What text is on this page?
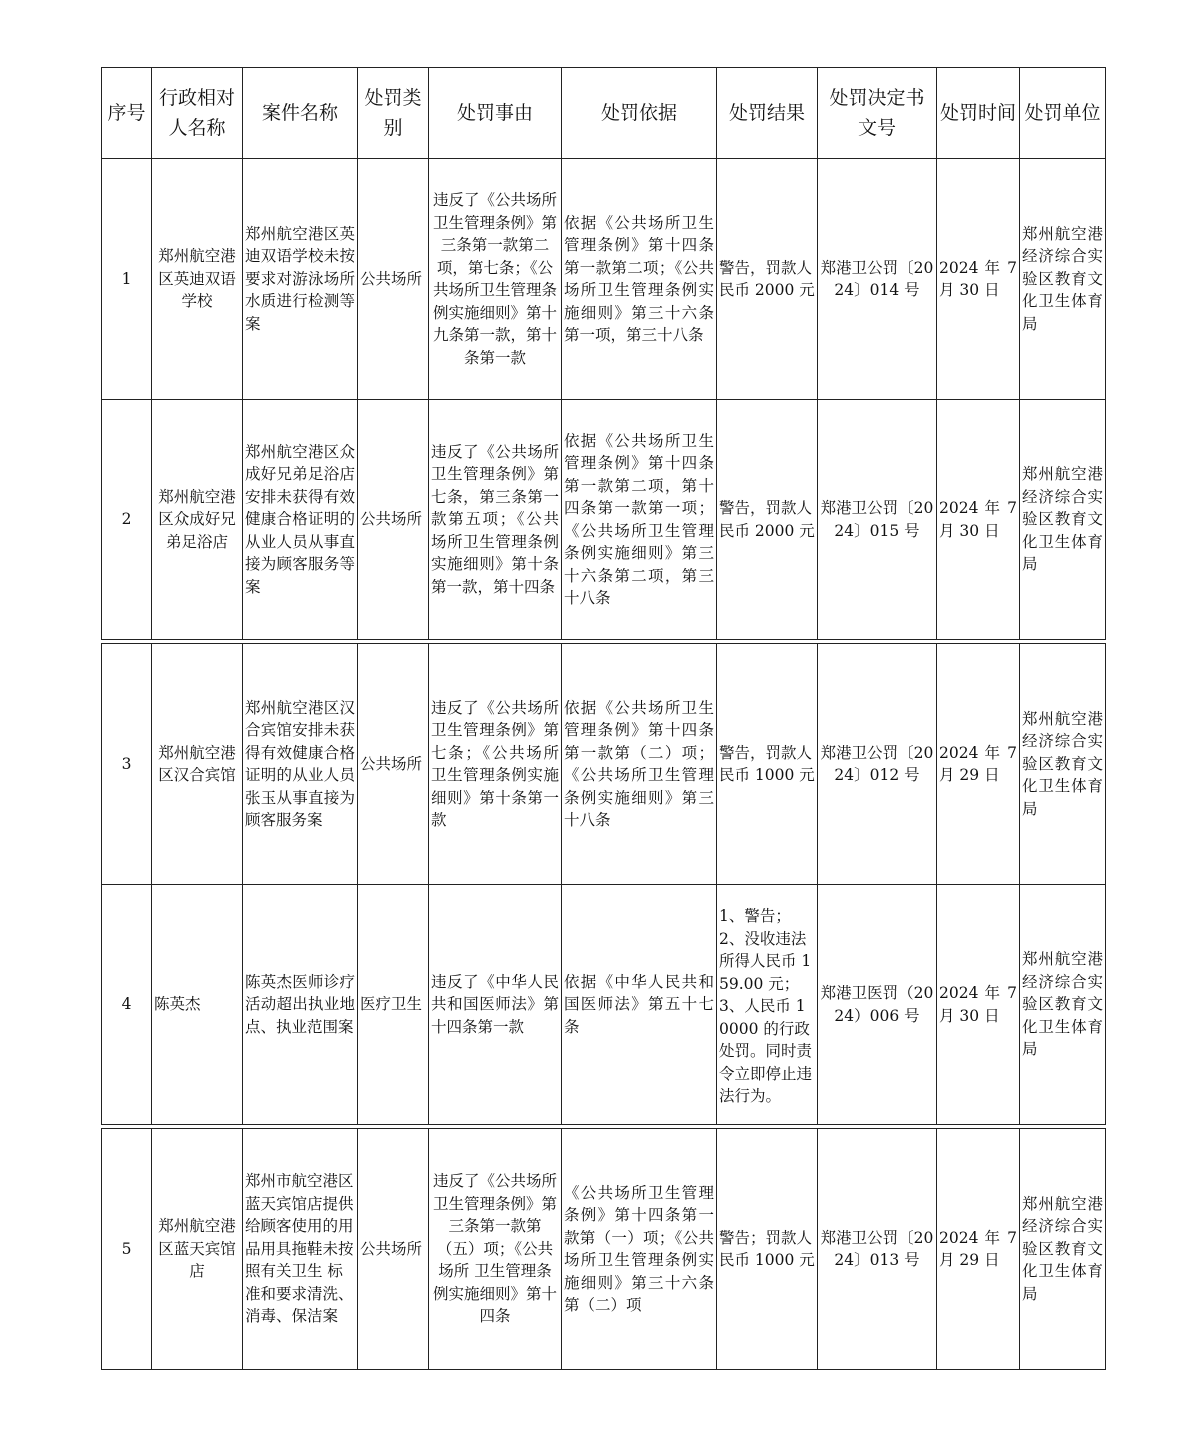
序号	行政相对人名称	案件名称	处罚类别	处罚事由	处罚依据	处罚结果	处罚决定书文号	处罚时间	处罚单位
1	郑州航空港区英迪双语学校	郑州航空港区英迪双语学校未按要求对游泳场所水质进行检测等案	公共场所	违反了《公共场所卫生管理条例》第三条第一款第二项，第七条；《公共场所卫生管理条例实施细则》第十九条第一款，第十条第一款	依据《公共场所卫生管理条例》第十四条第一款第二项；《公共场所卫生管理条例实施细则》第三十六条第一项，第三十八条	警告，罚款人民币 2000 元	郑港卫公罚〔2024〕014 号	2024 年 7 月 30 日	郑州航空港经济综合实验区教育文化卫生体育局
2	郑州航空港区众成好兄弟足浴店	郑州航空港区众成好兄弟足浴店安排未获得有效健康合格证明的从业人员从事直接为顾客服务等案	公共场所	违反了《公共场所卫生管理条例》第七条，第三条第一款第五项；《公共场所卫生管理条例实施细则》第十条第一款，第十四条	依据《公共场所卫生管理条例》第十四条第一款第二项，第十四条第一款第一项；《公共场所卫生管理条例实施细则》第三十六条第二项，第三十八条	警告，罚款人民币 2000 元	郑港卫公罚〔2024〕015 号	2024 年 7 月 30 日	郑州航空港经济综合实验区教育文化卫生体育局
3	郑州航空港区汉合宾馆	郑州航空港区汉合宾馆安排未获得有效健康合格证明的从业人员张玉从事直接为顾客服务案	公共场所	违反了《公共场所卫生管理条例》第七条；《公共场所卫生管理条例实施细则》第十条第一款	依据《公共场所卫生管理条例》第十四条第一款第（二）项；《公共场所卫生管理条例实施细则》第三十八条	警告，罚款人民币 1000 元	郑港卫公罚〔2024〕012 号	2024 年 7 月 29 日	郑州航空港经济综合实验区教育文化卫生体育局
4	陈英杰	陈英杰医师诊疗活动超出执业地点、执业范围案	医疗卫生	违反了《中华人民共和国医师法》第十四条第一款	依据《中华人民共和国医师法》第五十七条	1、警告；2、没收违法所得人民币 159.00 元；3、人民币 10000 的行政处罚。同时责令立即停止违法行为。	郑港卫医罚（2024）006 号	2024 年 7 月 30 日	郑州航空港经济综合实验区教育文化卫生体育局
5	郑州航空港区蓝天宾馆店	郑州市航空港区蓝天宾馆店提供给顾客使用的用品用具拖鞋未按照有关卫生 标准和要求清洗、消毒、保洁案	公共场所	违反了《公共场所卫生管理条例》第三条第一款第（五）项；《公共场所 卫生管理条例实施细则》第十四条	《公共场所卫生管理条例》第十四条第一款第（一）项；《公共场所卫生管理条例实施细则》第三十六条第（二）项	警告；罚款人民币 1000 元	郑港卫公罚〔2024〕013 号	2024 年 7 月 29 日	郑州航空港经济综合实验区教育文化卫生体育局
